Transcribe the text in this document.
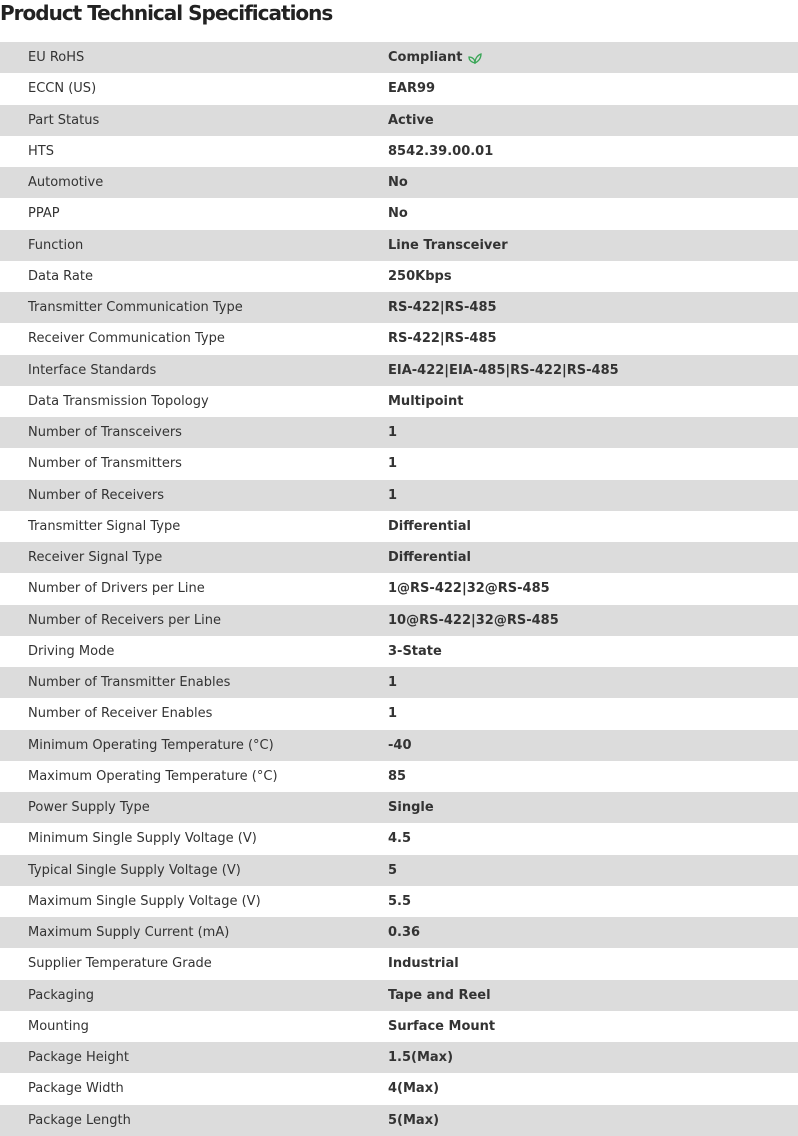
Product Technical Specifications
EU RoHS	Compliant
ECCN (US)	EAR99
Part Status	Active
HTS	8542.39.00.01
Automotive	No
PPAP	No
Function	Line Transceiver
Data Rate	250Kbps
Transmitter Communication Type	RS-422|RS-485
Receiver Communication Type	RS-422|RS-485
Interface Standards	EIA-422|EIA-485|RS-422|RS-485
Data Transmission Topology	Multipoint
Number of Transceivers	1
Number of Transmitters	1
Number of Receivers	1
Transmitter Signal Type	Differential
Receiver Signal Type	Differential
Number of Drivers per Line	1@RS-422|32@RS-485
Number of Receivers per Line	10@RS-422|32@RS-485
Driving Mode	3-State
Number of Transmitter Enables	1
Number of Receiver Enables	1
Minimum Operating Temperature (°C)	-40
Maximum Operating Temperature (°C)	85
Power Supply Type	Single
Minimum Single Supply Voltage (V)	4.5
Typical Single Supply Voltage (V)	5
Maximum Single Supply Voltage (V)	5.5
Maximum Supply Current (mA)	0.36
Supplier Temperature Grade	Industrial
Packaging	Tape and Reel
Mounting	Surface Mount
Package Height	1.5(Max)
Package Width	4(Max)
Package Length	5(Max)
